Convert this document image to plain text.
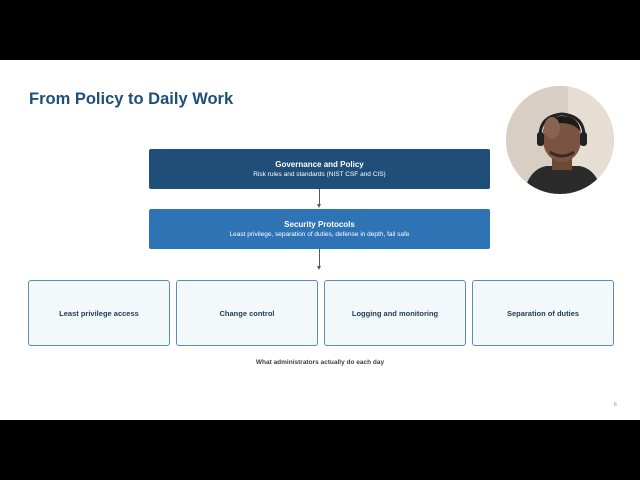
From Policy to Daily Work
Governance and Policy
Risk rules and standards (NIST CSF and CIS)
Security Protocols
Least privilege, separation of duties, defense in depth, fail safe
Least privilege access	Change control	Logging and monitoring	Separation of duties
What administrators actually do each day
6
